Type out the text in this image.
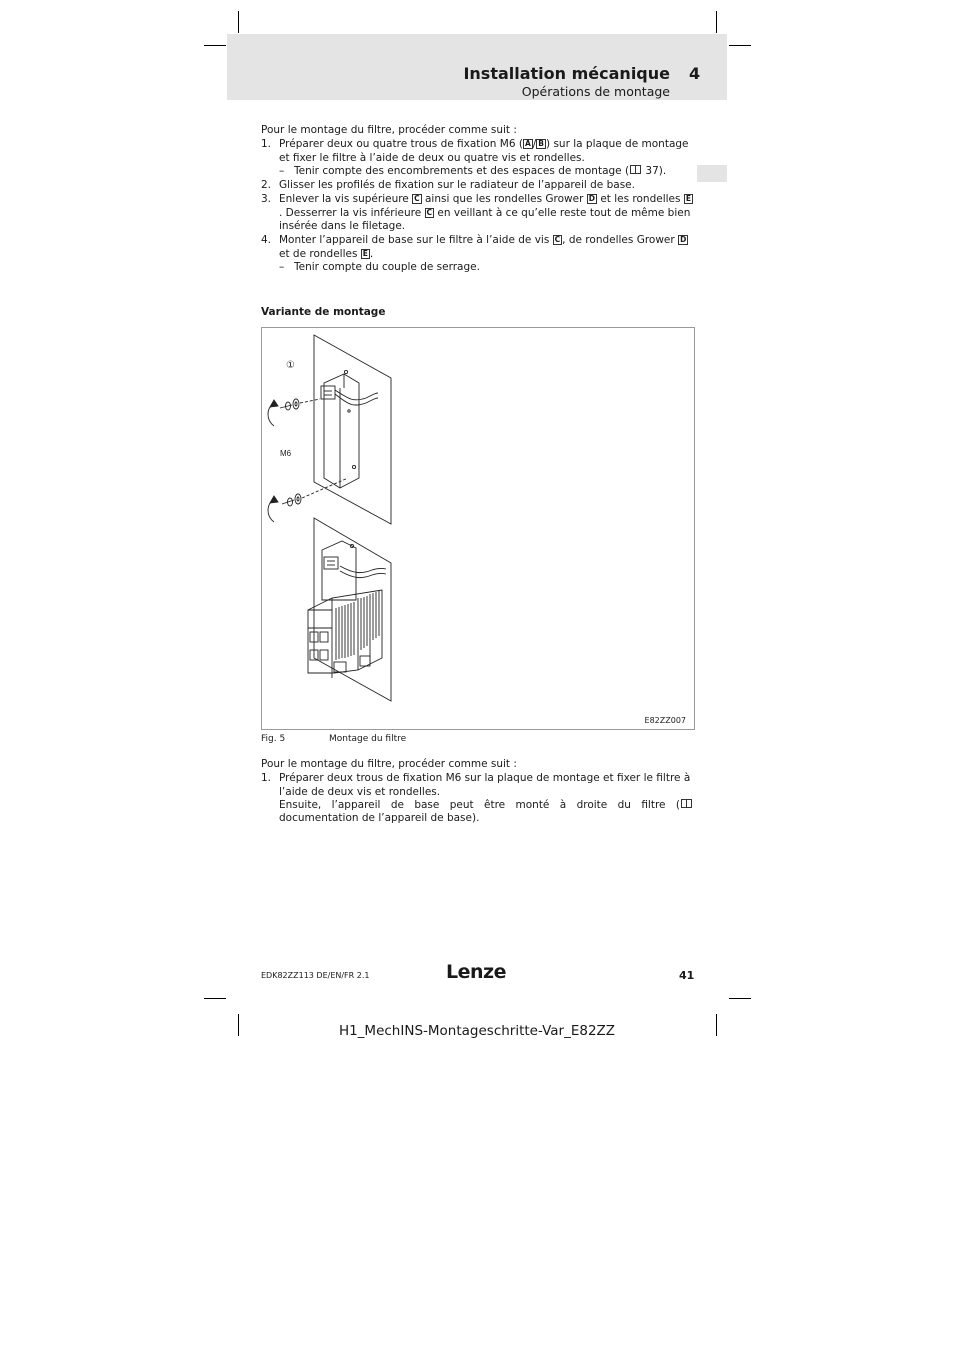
Installation mécanique 4
Opérations de montage

Pour le montage du filtre, procéder comme suit :

1. Préparer deux ou quatre trous de fixation M6 ( A / B ) sur la plaque de montage et fixer le filtre à l’aide de deux ou quatre vis et rondelles.
– Tenir compte des encombrements et des espaces de montage ( 37).
2. Glisser les profilés de fixation sur le radiateur de l’appareil de base.
3. Enlever la vis supérieure C ainsi que les rondelles Grower D et les rondelles E. Desserrer la vis inférieure C en veillant à ce qu’elle reste tout de même bien insérée dans le filetage.
4. Monter l’appareil de base sur le filtre à l’aide de vis C , de rondelles Grower D et de rondelles E .
– Tenir compte du couple de serrage.
Variante de montage
①
M6
E82ZZ007
Fig. 5	Montage du filtre

Pour le montage du filtre, procéder comme suit :

1. Préparer deux trous de fixation M6 sur la plaque de montage et fixer le filtre à l’aide de deux vis et rondelles.
Ensuite, l’appareil de base peut être monté à droite du filtre ( documentation de l’appareil de base).
EDK82ZZ113 DE/EN/FR 2.1	Lenze	41
H1_MechINS-Montageschritte-Var_E82ZZ
